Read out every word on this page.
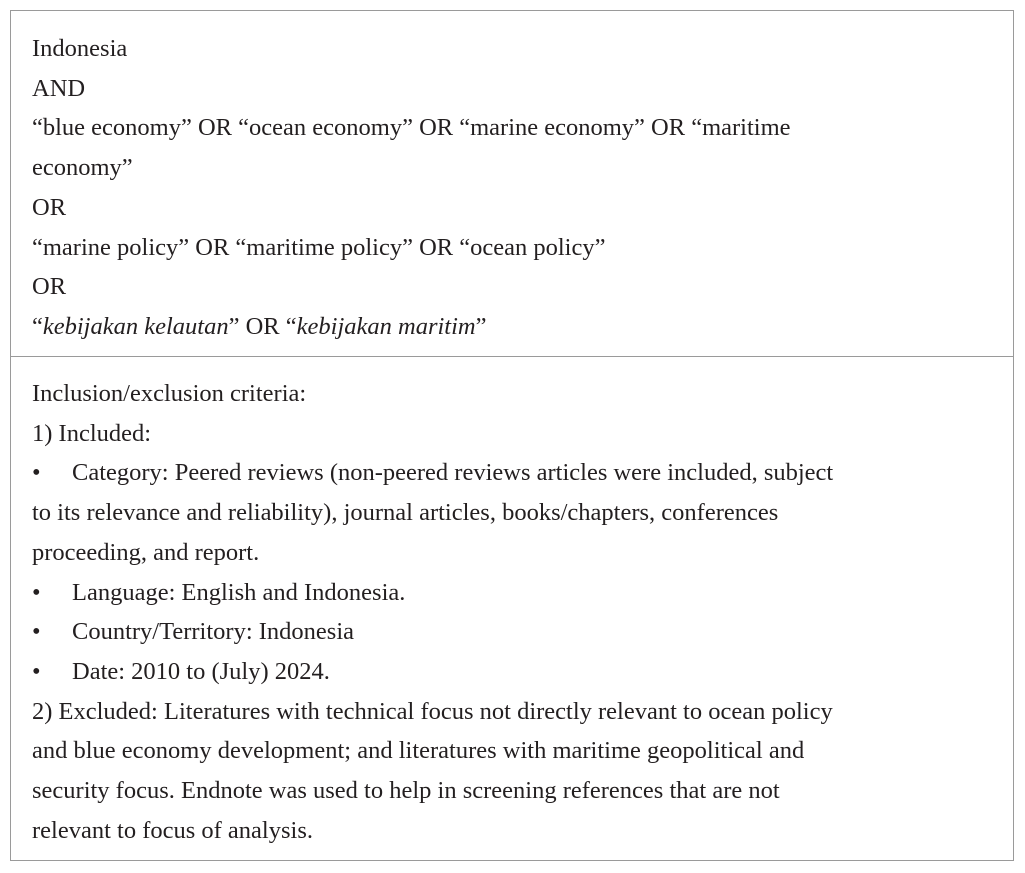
Indonesia
AND
“blue economy” OR “ocean economy” OR “marine economy” OR “maritime
economy”
OR
“marine policy” OR “maritime policy” OR “ocean policy”
OR
“kebijakan kelautan” OR “kebijakan maritim”
Inclusion/exclusion criteria:
1) Included:
• Category: Peered reviews (non-peered reviews articles were included, subject
to its relevance and reliability), journal articles, books/chapters, conferences
proceeding, and report.
• Language: English and Indonesia.
• Country/Territory: Indonesia
• Date: 2010 to (July) 2024.
2) Excluded: Literatures with technical focus not directly relevant to ocean policy
and blue economy development; and literatures with maritime geopolitical and
security focus. Endnote was used to help in screening references that are not
relevant to focus of analysis.
